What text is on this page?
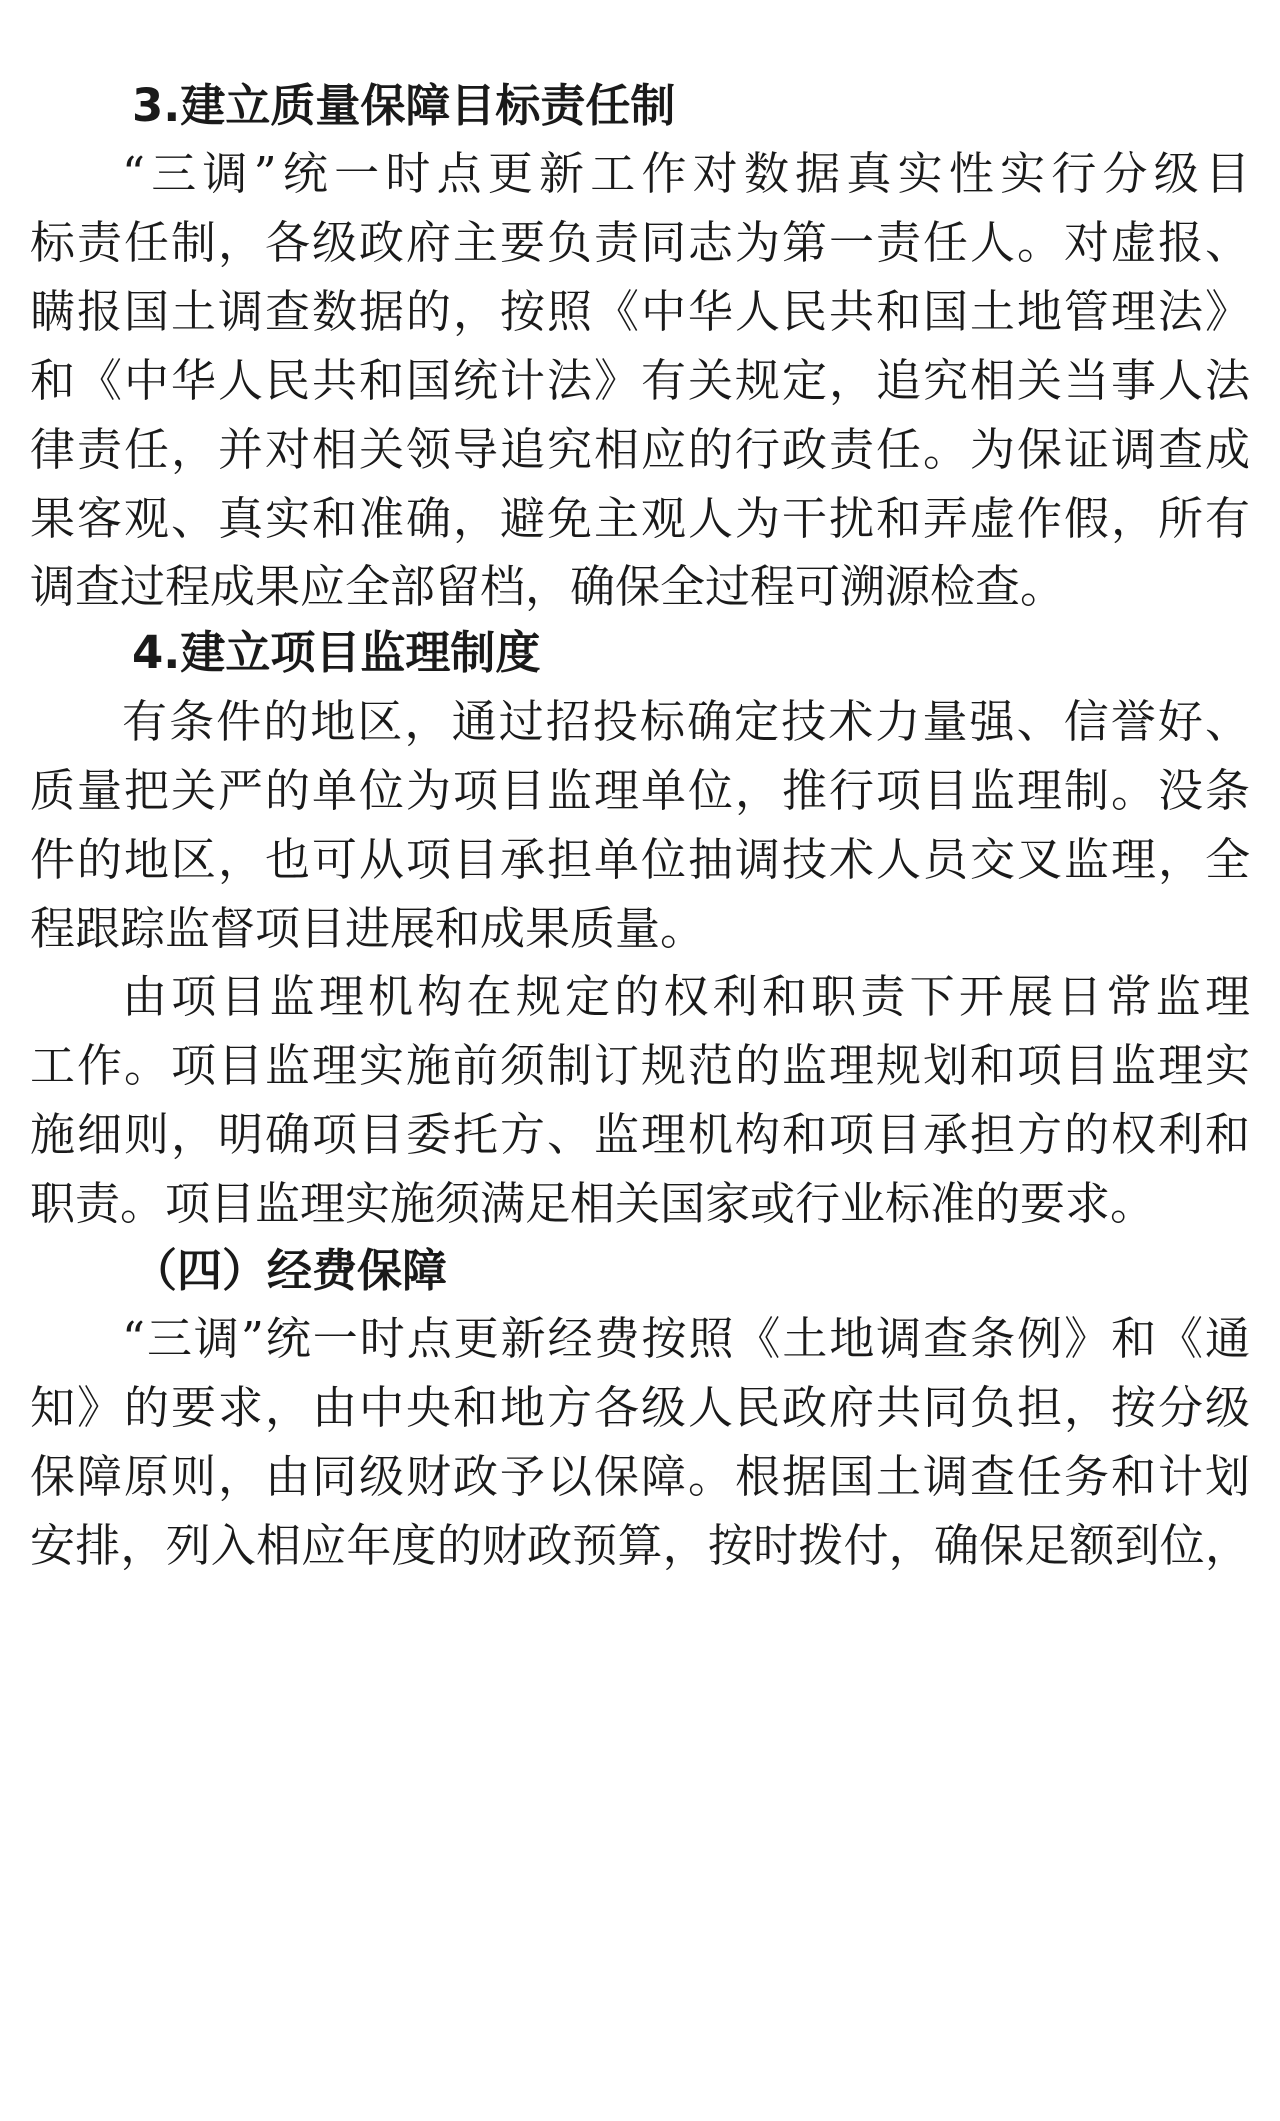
3.建立质量保障目标责任制
“三调”统一时点更新工作对数据真实性实行分级目
标责任制，各级政府主要负责同志为第一责任人。对虚报、
瞒报国土调查数据的，按照《中华人民共和国土地管理法》
和《中华人民共和国统计法》有关规定，追究相关当事人法
律责任，并对相关领导追究相应的行政责任。为保证调查成
果客观、真实和准确，避免主观人为干扰和弄虚作假，所有
调查过程成果应全部留档，确保全过程可溯源检查。
4.建立项目监理制度
有条件的地区，通过招投标确定技术力量强、信誉好、
质量把关严的单位为项目监理单位，推行项目监理制。没条
件的地区，也可从项目承担单位抽调技术人员交叉监理，全
程跟踪监督项目进展和成果质量。
由项目监理机构在规定的权利和职责下开展日常监理
工作。项目监理实施前须制订规范的监理规划和项目监理实
施细则，明确项目委托方、监理机构和项目承担方的权利和
职责。项目监理实施须满足相关国家或行业标准的要求。
（四）经费保障
“三调”统一时点更新经费按照《土地调查条例》和《通
知》的要求，由中央和地方各级人民政府共同负担，按分级
保障原则，由同级财政予以保障。根据国土调查任务和计划
安排，列入相应年度的财政预算，按时拨付，确保足额到位，
